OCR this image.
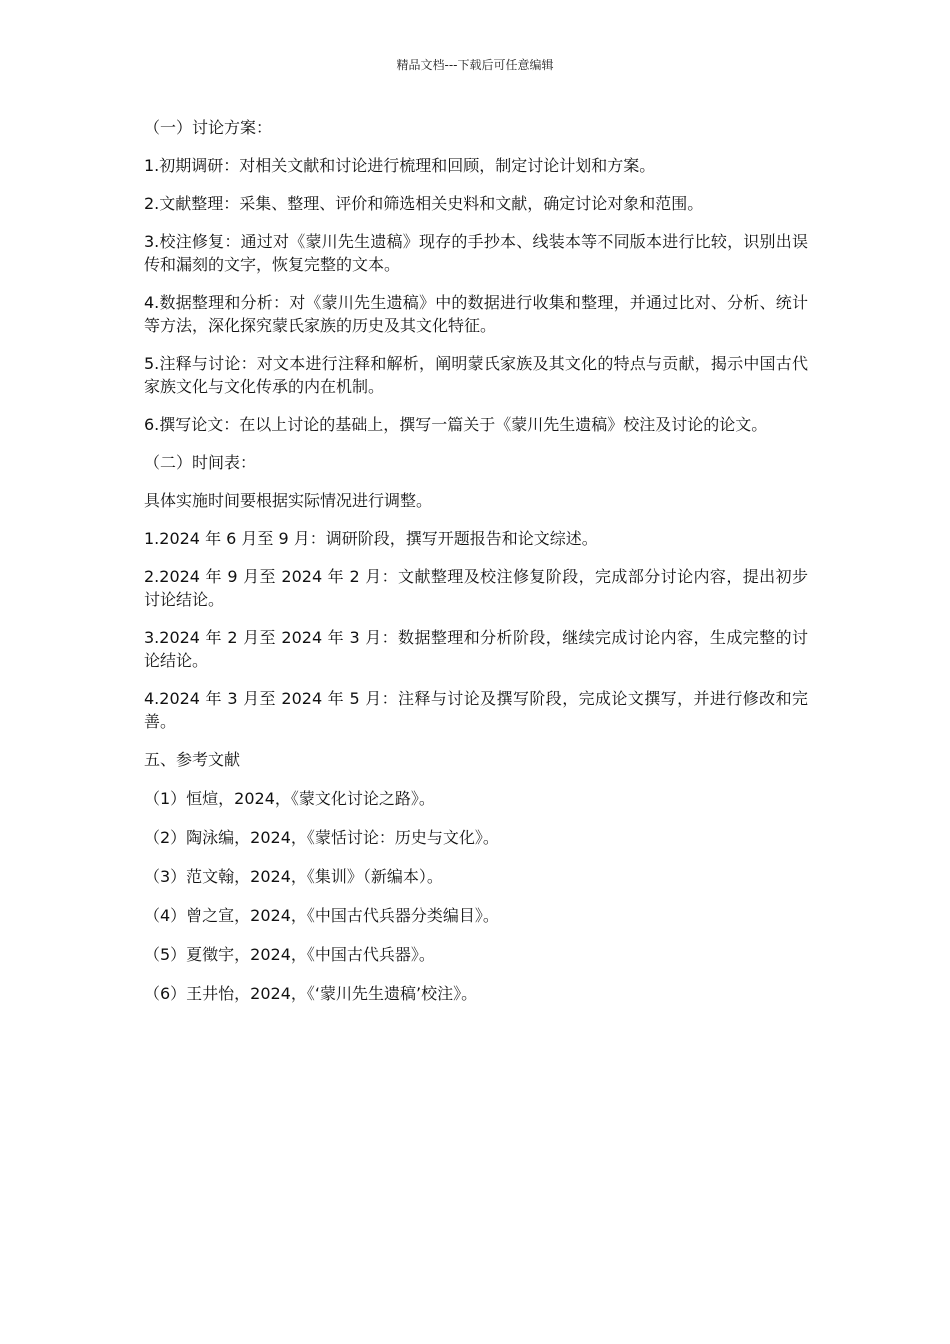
精品文档---下载后可任意编辑

（一）讨论方案：

1.初期调研：对相关文献和讨论进行梳理和回顾，制定讨论计划和方案。

2.文献整理：采集、整理、评价和筛选相关史料和文献，确定讨论对象和范围。

3.校注修复：通过对《蒙川先生遗稿》现存的手抄本、线装本等不同版本进行比较，识别出误传和漏刻的文字，恢复完整的文本。

4.数据整理和分析：对《蒙川先生遗稿》中的数据进行收集和整理，并通过比对、分析、统计等方法，深化探究蒙氏家族的历史及其文化特征。

5.注释与讨论：对文本进行注释和解析，阐明蒙氏家族及其文化的特点与贡献，揭示中国古代家族文化与文化传承的内在机制。

6.撰写论文：在以上讨论的基础上，撰写一篇关于《蒙川先生遗稿》校注及讨论的论文。

（二）时间表：

具体实施时间要根据实际情况进行调整。

1.2024 年 6 月至 9 月：调研阶段，撰写开题报告和论文综述。

2.2024 年 9 月至 2024 年 2 月：文献整理及校注修复阶段，完成部分讨论内容，提出初步讨论结论。

3.2024 年 2 月至 2024 年 3 月：数据整理和分析阶段，继续完成讨论内容，生成完整的讨论结论。

4.2024 年 3 月至 2024 年 5 月：注释与讨论及撰写阶段，完成论文撰写，并进行修改和完善。

五、参考文献

（1）恒煊，2024，《蒙文化讨论之路》。

（2）陶泳编，2024，《蒙恬讨论：历史与文化》。

（3）范文翰，2024，《集训》（新编本）。

（4）曾之宣，2024，《中国古代兵器分类编目》。

（5）夏徵宇，2024，《中国古代兵器》。

（6）王井怡，2024，《‘蒙川先生遗稿’校注》。
